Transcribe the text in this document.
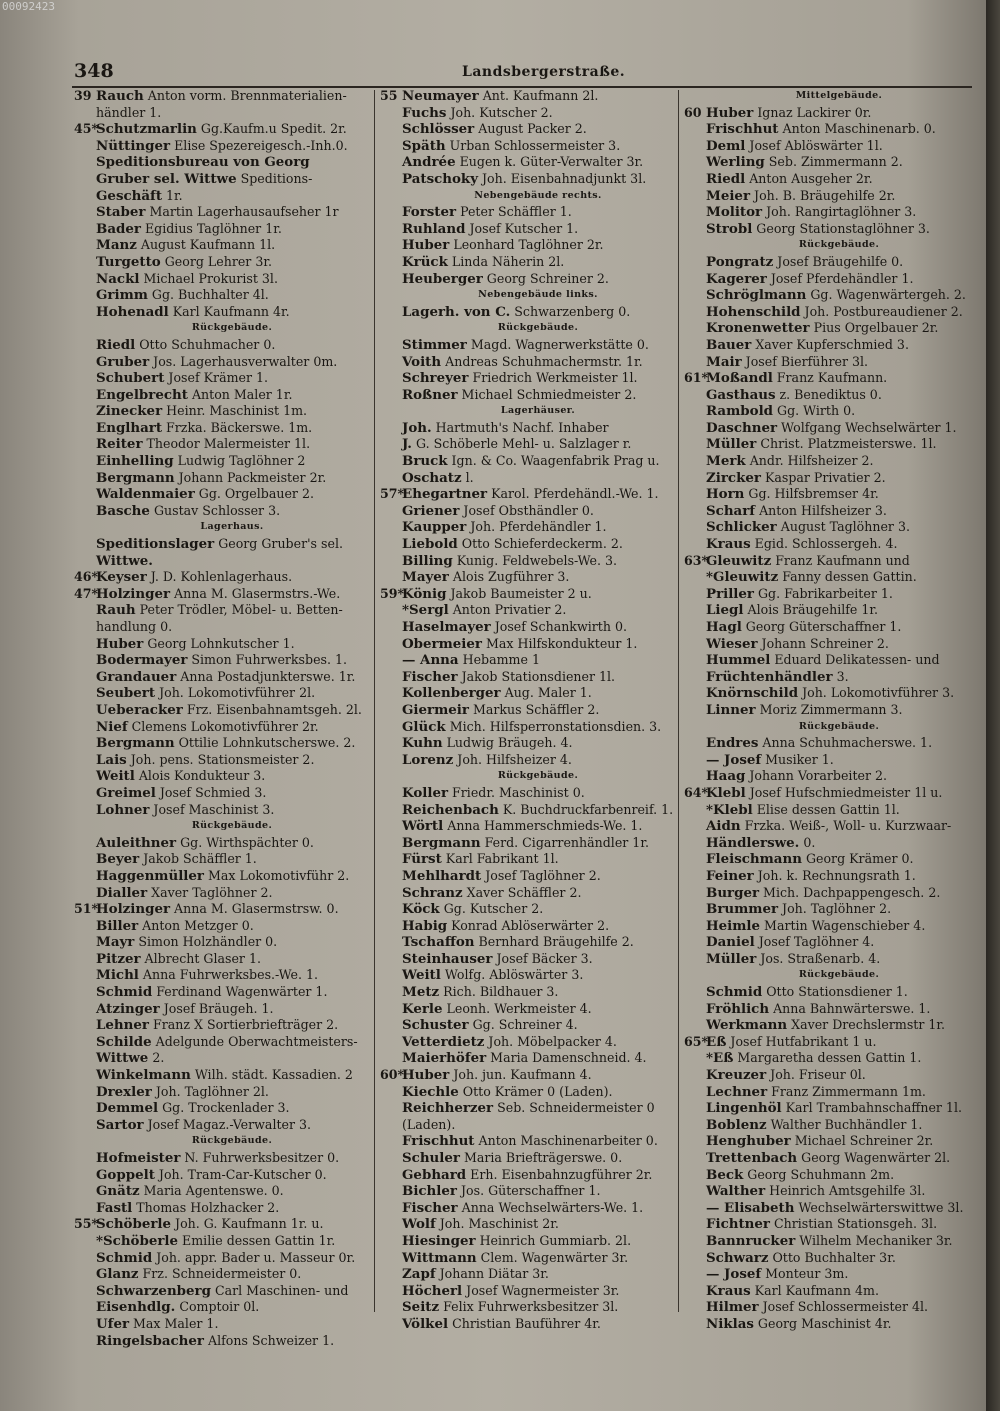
00092423
348	Landsbergerstraße.
39 Rauch Anton vorm. Brennmaterialien-
händler 1.
45*Schutzmarlin Gg.Kaufm.u Spedit. 2r.
Nüttinger Elise Spezereigesch.-Inh.0.
Speditionsbureau von Georg
Gruber sel. Wittwe Speditions-
Geschäft 1r.
Staber Martin Lagerhausaufseher 1r
Bader Egidius Taglöhner 1r.
Manz August Kaufmann 1l.
Turgetto Georg Lehrer 3r.
Nackl Michael Prokurist 3l.
Grimm Gg. Buchhalter 4l.
Hohenadl Karl Kaufmann 4r.
Rückgebäude.
Riedl Otto Schuhmacher 0.
Gruber Jos. Lagerhausverwalter 0m.
Schubert Josef Krämer 1.
Engelbrecht Anton Maler 1r.
Zinecker Heinr. Maschinist 1m.
Englhart Frzka. Bäckerswe. 1m.
Reiter Theodor Malermeister 1l.
Einhelling Ludwig Taglöhner 2
Bergmann Johann Packmeister 2r.
Waldenmaier Gg. Orgelbauer 2.
Basche Gustav Schlosser 3.
Lagerhaus.
Speditionslager Georg Gruber's sel.
Wittwe.
46*Keyser J. D. Kohlenlagerhaus.
47*Holzinger Anna M. Glasermstrs.-We.
Rauh Peter Trödler, Möbel- u. Betten-
handlung 0.
Huber Georg Lohnkutscher 1.
Bodermayer Simon Fuhrwerksbes. 1.
Grandauer Anna Postadjunkterswe. 1r.
Seubert Joh. Lokomotivführer 2l.
Ueberacker Frz. Eisenbahnamtsgeh. 2l.
Nief Clemens Lokomotivführer 2r.
Bergmann Ottilie Lohnkutscherswe. 2.
Lais Joh. pens. Stationsmeister 2.
Weitl Alois Kondukteur 3.
Greimel Josef Schmied 3.
Lohner Josef Maschinist 3.
Rückgebäude.
Auleithner Gg. Wirthspächter 0.
Beyer Jakob Schäffler 1.
Haggenmüller Max Lokomotivführ 2.
Dialler Xaver Taglöhner 2.
51*Holzinger Anna M. Glasermstrsw. 0.
Biller Anton Metzger 0.
Mayr Simon Holzhändler 0.
Pitzer Albrecht Glaser 1.
Michl Anna Fuhrwerksbes.-We. 1.
Schmid Ferdinand Wagenwärter 1.
Atzinger Josef Bräugeh. 1.
Lehner Franz X Sortierbriefträger 2.
Schilde Adelgunde Oberwachtmeisters-
Wittwe 2.
Winkelmann Wilh. städt. Kassadien. 2
Drexler Joh. Taglöhner 2l.
Demmel Gg. Trockenlader 3.
Sartor Josef Magaz.-Verwalter 3.
Rückgebäude.
Hofmeister N. Fuhrwerksbesitzer 0.
Goppelt Joh. Tram-Car-Kutscher 0.
Gnätz Maria Agentenswe. 0.
Fastl Thomas Holzhacker 2.
55*Schöberle Joh. G. Kaufmann 1r. u.
*Schöberle Emilie dessen Gattin 1r.
Schmid Joh. appr. Bader u. Masseur 0r.
Glanz Frz. Schneidermeister 0.
Schwarzenberg Carl Maschinen- und
Eisenhdlg. Comptoir 0l.
Ufer Max Maler 1.
Ringelsbacher Alfons Schweizer 1.
55 Neumayer Ant. Kaufmann 2l.
Fuchs Joh. Kutscher 2.
Schlösser August Packer 2.
Späth Urban Schlossermeister 3.
Andrée Eugen k. Güter-Verwalter 3r.
Patschoky Joh. Eisenbahnadjunkt 3l.
Nebengebäude rechts.
Forster Peter Schäffler 1.
Ruhland Josef Kutscher 1.
Huber Leonhard Taglöhner 2r.
Krück Linda Näherin 2l.
Heuberger Georg Schreiner 2.
Nebengebäude links.
Lagerh. von C. Schwarzenberg 0.
Rückgebäude.
Stimmer Magd. Wagnerwerkstätte 0.
Voith Andreas Schuhmachermstr. 1r.
Schreyer Friedrich Werkmeister 1l.
Roßner Michael Schmiedmeister 2.
Lagerhäuser.
Joh. Hartmuth's Nachf. Inhaber
J. G. Schöberle Mehl- u. Salzlager r.
Bruck Ign. & Co. Waagenfabrik Prag u.
Oschatz l.
57*Ehegartner Karol. Pferdehändl.-We. 1.
Griener Josef Obsthändler 0.
Kaupper Joh. Pferdehändler 1.
Liebold Otto Schieferdeckerm. 2.
Billing Kunig. Feldwebels-We. 3.
Mayer Alois Zugführer 3.
59*König Jakob Baumeister 2 u.
*Sergl Anton Privatier 2.
Haselmayer Josef Schankwirth 0.
Obermeier Max Hilfskondukteur 1.
— Anna Hebamme 1
Fischer Jakob Stationsdiener 1l.
Kollenberger Aug. Maler 1.
Giermeir Markus Schäffler 2.
Glück Mich. Hilfsperronstationsdien. 3.
Kuhn Ludwig Bräugeh. 4.
Lorenz Joh. Hilfsheizer 4.
Rückgebäude.
Koller Friedr. Maschinist 0.
Reichenbach K. Buchdruckfarbenreif. 1.
Wörtl Anna Hammerschmieds-We. 1.
Bergmann Ferd. Cigarrenhändler 1r.
Fürst Karl Fabrikant 1l.
Mehlhardt Josef Taglöhner 2.
Schranz Xaver Schäffler 2.
Köck Gg. Kutscher 2.
Habig Konrad Ablöserwärter 2.
Tschaffon Bernhard Bräugehilfe 2.
Steinhauser Josef Bäcker 3.
Weitl Wolfg. Ablöswärter 3.
Metz Rich. Bildhauer 3.
Kerle Leonh. Werkmeister 4.
Schuster Gg. Schreiner 4.
Vetterdietz Joh. Möbelpacker 4.
Maierhöfer Maria Damenschneid. 4.
60*Huber Joh. jun. Kaufmann 4.
Kiechle Otto Krämer 0 (Laden).
Reichherzer Seb. Schneidermeister 0
(Laden).
Frischhut Anton Maschinenarbeiter 0.
Schuler Maria Briefträgerswe. 0.
Gebhard Erh. Eisenbahnzugführer 2r.
Bichler Jos. Güterschaffner 1.
Fischer Anna Wechselwärters-We. 1.
Wolf Joh. Maschinist 2r.
Hiesinger Heinrich Gummiarb. 2l.
Wittmann Clem. Wagenwärter 3r.
Zapf Johann Diätar 3r.
Höcherl Josef Wagnermeister 3r.
Seitz Felix Fuhrwerksbesitzer 3l.
Völkel Christian Bauführer 4r.
Mittelgebäude.
60 Huber Ignaz Lackirer 0r.
Frischhut Anton Maschinenarb. 0.
Deml Josef Ablöswärter 1l.
Werling Seb. Zimmermann 2.
Riedl Anton Ausgeher 2r.
Meier Joh. B. Bräugehilfe 2r.
Molitor Joh. Rangirtaglöhner 3.
Strobl Georg Stationstaglöhner 3.
Rückgebäude.
Pongratz Josef Bräugehilfe 0.
Kagerer Josef Pferdehändler 1.
Schröglmann Gg. Wagenwärtergeh. 2.
Hohenschild Joh. Postbureaudiener 2.
Kronenwetter Pius Orgelbauer 2r.
Bauer Xaver Kupferschmied 3.
Mair Josef Bierführer 3l.
61*Moßandl Franz Kaufmann.
Gasthaus z. Benediktus 0.
Rambold Gg. Wirth 0.
Daschner Wolfgang Wechselwärter 1.
Müller Christ. Platzmeisterswe. 1l.
Merk Andr. Hilfsheizer 2.
Zircker Kaspar Privatier 2.
Horn Gg. Hilfsbremser 4r.
Scharf Anton Hilfsheizer 3.
Schlicker August Taglöhner 3.
Kraus Egid. Schlossergeh. 4.
63*Gleuwitz Franz Kaufmann und
*Gleuwitz Fanny dessen Gattin.
Priller Gg. Fabrikarbeiter 1.
Liegl Alois Bräugehilfe 1r.
Hagl Georg Güterschaffner 1.
Wieser Johann Schreiner 2.
Hummel Eduard Delikatessen- und
Früchtenhändler 3.
Knörnschild Joh. Lokomotivführer 3.
Linner Moriz Zimmermann 3.
Rückgebäude.
Endres Anna Schuhmacherswe. 1.
— Josef Musiker 1.
Haag Johann Vorarbeiter 2.
64*Klebl Josef Hufschmiedmeister 1l u.
*Klebl Elise dessen Gattin 1l.
Aidn Frzka. Weiß-, Woll- u. Kurzwaar-
Händlerswe. 0.
Fleischmann Georg Krämer 0.
Feiner Joh. k. Rechnungsrath 1.
Burger Mich. Dachpappengesch. 2.
Brummer Joh. Taglöhner 2.
Heimle Martin Wagenschieber 4.
Daniel Josef Taglöhner 4.
Müller Jos. Straßenarb. 4.
Rückgebäude.
Schmid Otto Stationsdiener 1.
Fröhlich Anna Bahnwärterswe. 1.
Werkmann Xaver Drechslermstr 1r.
65*Eß Josef Hutfabrikant 1 u.
*Eß Margaretha dessen Gattin 1.
Kreuzer Joh. Friseur 0l.
Lechner Franz Zimmermann 1m.
Lingenhöl Karl Trambahnschaffner 1l.
Boblenz Walther Buchhändler 1.
Henghuber Michael Schreiner 2r.
Trettenbach Georg Wagenwärter 2l.
Beck Georg Schuhmann 2m.
Walther Heinrich Amtsgehilfe 3l.
— Elisabeth Wechselwärterswittwe 3l.
Fichtner Christian Stationsgeh. 3l.
Bannrucker Wilhelm Mechaniker 3r.
Schwarz Otto Buchhalter 3r.
— Josef Monteur 3m.
Kraus Karl Kaufmann 4m.
Hilmer Josef Schlossermeister 4l.
Niklas Georg Maschinist 4r.
